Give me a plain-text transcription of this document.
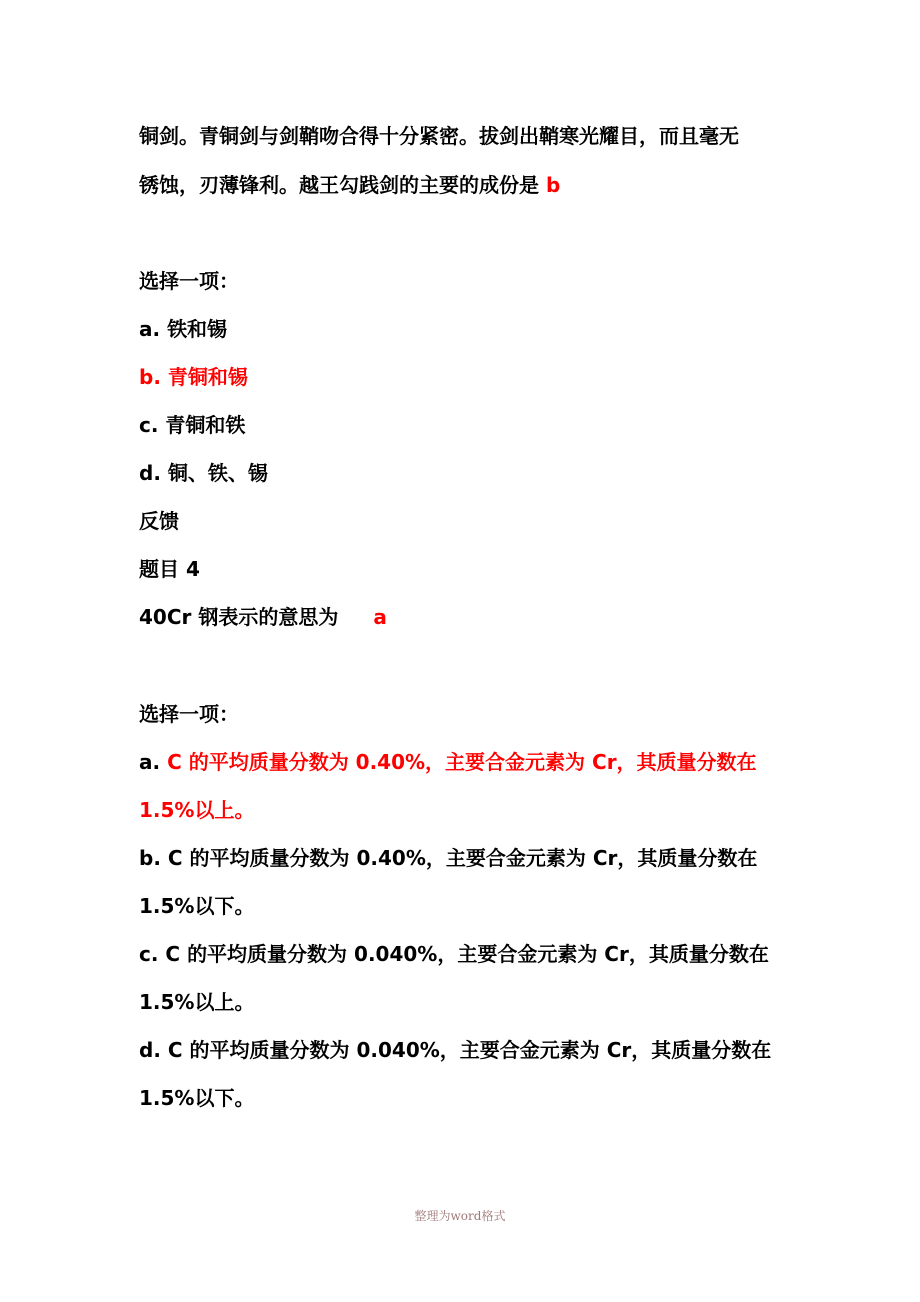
铜剑。青铜剑与剑鞘吻合得十分紧密。拔剑出鞘寒光耀目，而且毫无
锈蚀，刃薄锋利。越王勾践剑的主要的成份是 b
选择一项：
a. 铁和锡
b. 青铜和锡
c. 青铜和铁
d. 铜、铁、锡
反馈
题目 4
40Cr 钢表示的意思为 a
选择一项：
a. C 的平均质量分数为 0.40%，主要合金元素为 Cr，其质量分数在
1.5%以上。
b. C 的平均质量分数为 0.40%，主要合金元素为 Cr，其质量分数在
1.5%以下。
c. C 的平均质量分数为 0.040%，主要合金元素为 Cr，其质量分数在
1.5%以上。
d. C 的平均质量分数为 0.040%，主要合金元素为 Cr，其质量分数在
1.5%以下。
整理为word格式
